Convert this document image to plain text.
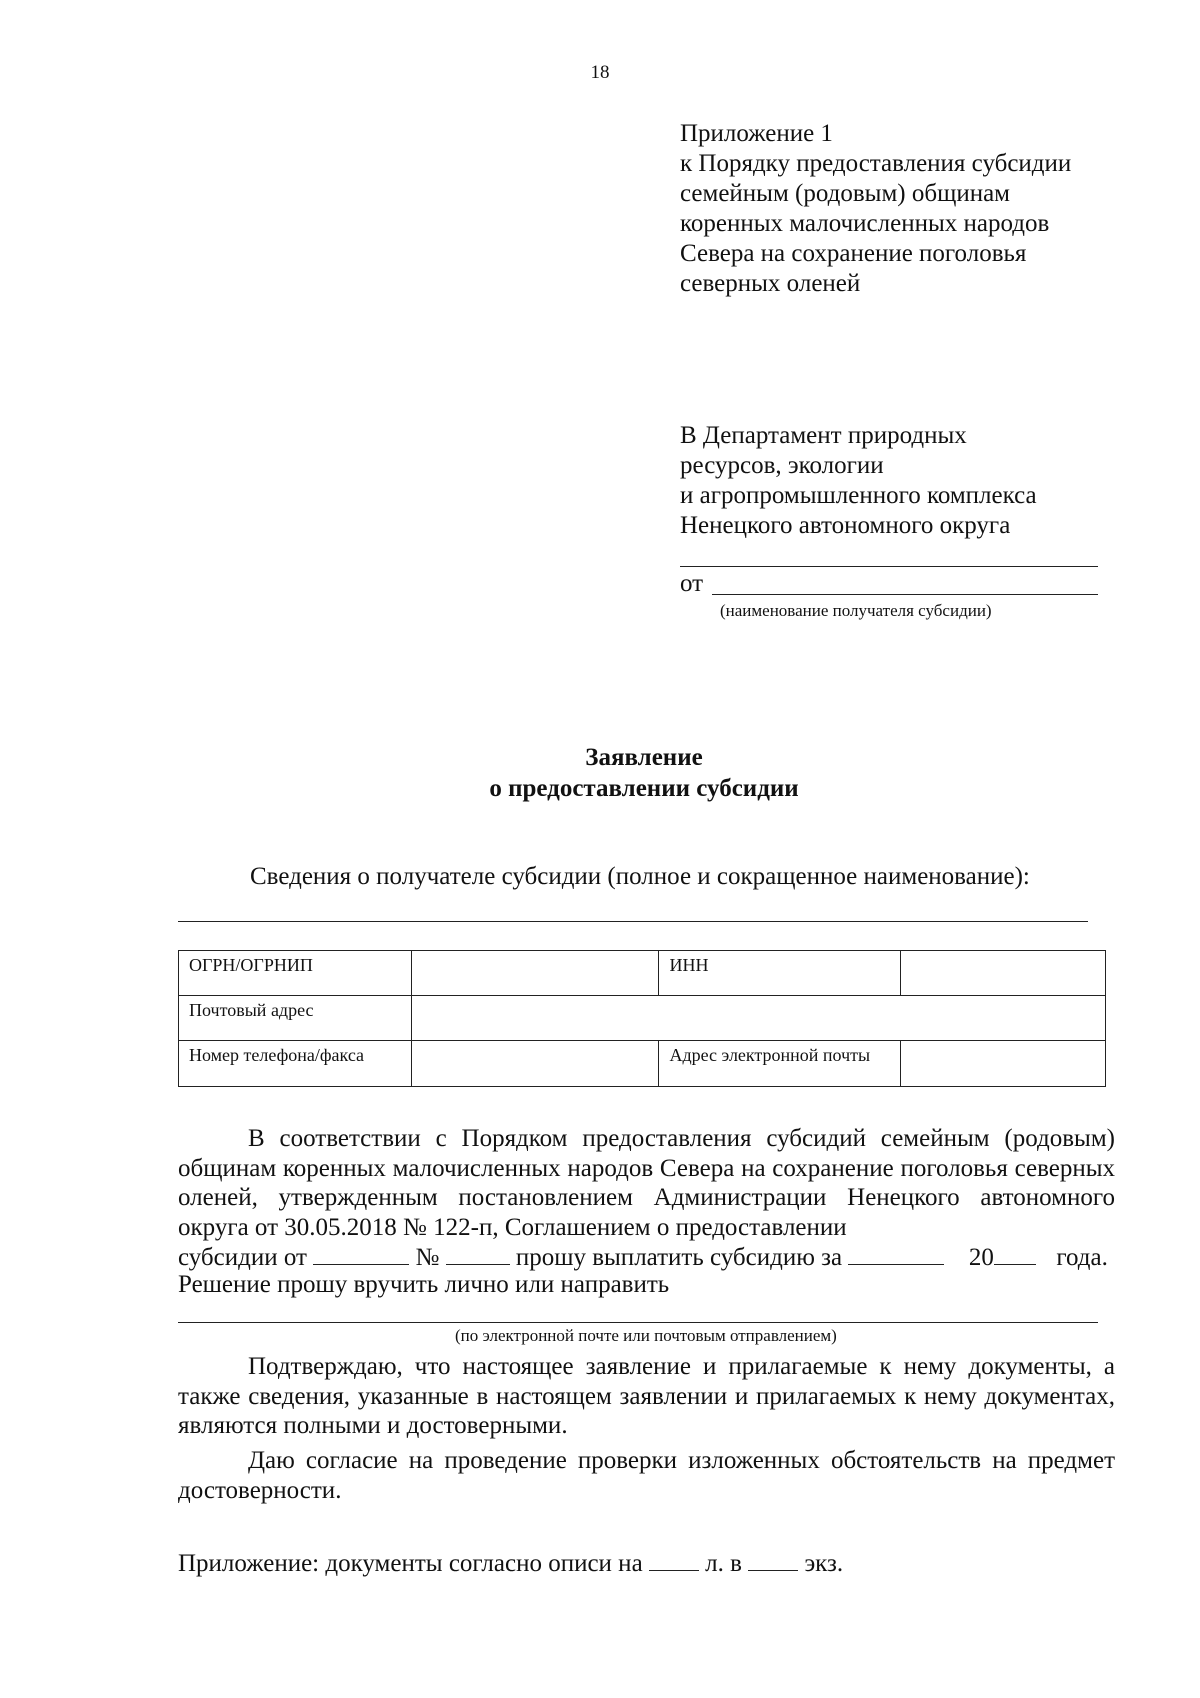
18
Приложение 1
к Порядку предоставления субсидии
семейным (родовым) общинам
коренных малочисленных народов
Севера на сохранение поголовья
северных оленей
В Департамент природных
ресурсов, экологии
и агропромышленного комплекса
Ненецкого автономного округа
от
(наименование получателя субсидии)
Заявление
о предоставлении субсидии
Сведения о получателе субсидии (полное и сокращенное наименование):
ОГРН/ОГРНИП		ИНН	
Почтовый адрес			
Номер телефона/факса		Адрес электронной почты	
В соответствии с Порядком предоставления субсидий семейным (родовым) общинам коренных малочисленных народов Севера на сохранение поголовья северных оленей, утвержденным постановлением Администрации Ненецкого автономного округа от 30.05.2018 № 122-п, Соглашением о предоставлении
субсидии от	№	прошу выплатить субсидию за	20	года.
Решение прошу вручить лично или направить
(по электронной почте или почтовым отправлением)
Подтверждаю, что настоящее заявление и прилагаемые к нему документы, а также сведения, указанные в настоящем заявлении и прилагаемых к нему документах, являются полными и достоверными.
Даю согласие на проведение проверки изложенных обстоятельств на предмет достоверности.
Приложение: документы согласно описи на	л. в	экз.
